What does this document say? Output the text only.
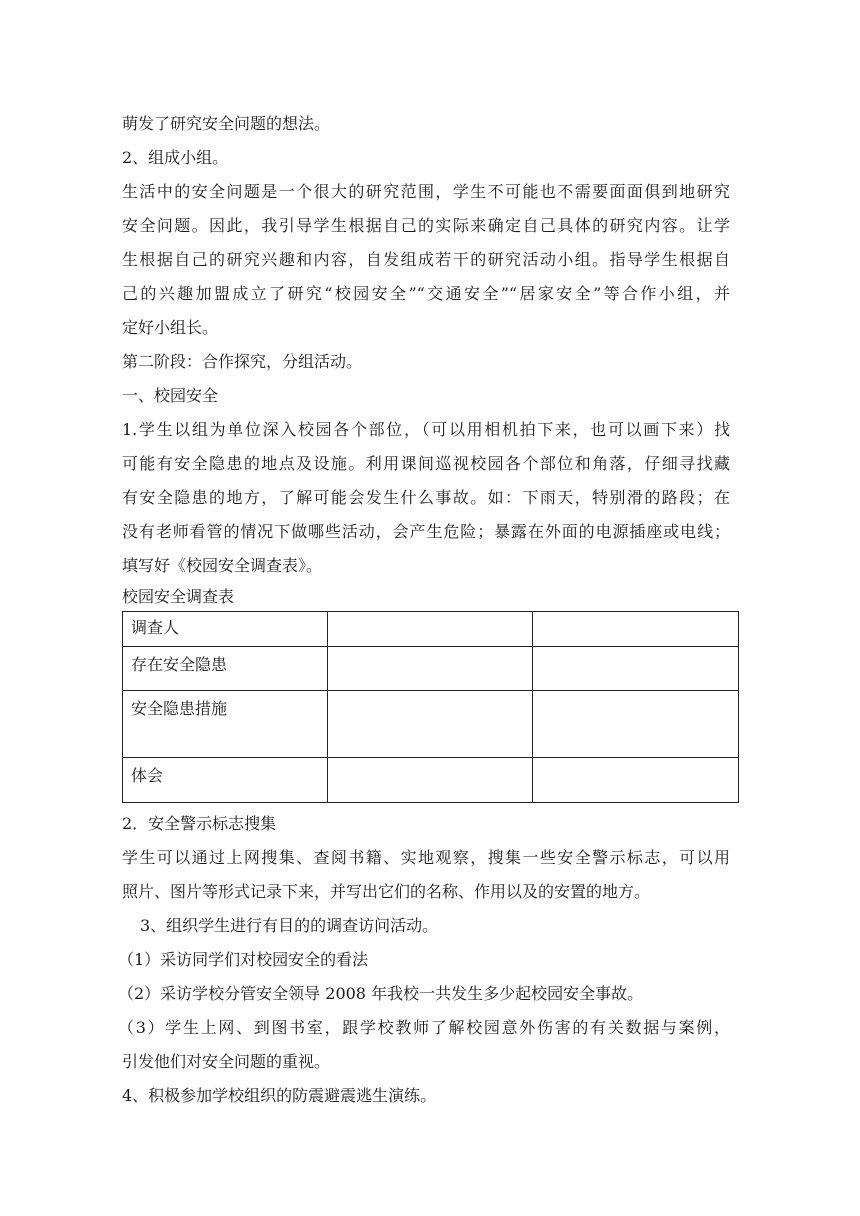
萌发了研究安全问题的想法。
2、组成小组。
生活中的安全问题是一个很大的研究范围，学生不可能也不需要面面俱到地研究
安全问题。因此，我引导学生根据自己的实际来确定自己具体的研究内容。让学
生根据自己的研究兴趣和内容，自发组成若干的研究活动小组。指导学生根据自
己的兴趣加盟成立了研究“校园安全”“交通安全”“居家安全”等合作小组，并
定好小组长。
第二阶段：合作探究，分组活动。
一、校园安全
1.学生以组为单位深入校园各个部位，（可以用相机拍下来，也可以画下来）找
可能有安全隐患的地点及设施。利用课间巡视校园各个部位和角落，仔细寻找藏
有安全隐患的地方，了解可能会发生什么事故。如：下雨天，特别滑的路段；在
没有老师看管的情况下做哪些活动，会产生危险；暴露在外面的电源插座或电线；
填写好《校园安全调查表》。
校园安全调查表
调查人		
存在安全隐患		
安全隐患措施		
体会		
2．安全警示标志搜集
学生可以通过上网搜集、查阅书籍、实地观察，搜集一些安全警示标志，可以用
照片、图片等形式记录下来，并写出它们的名称、作用以及的安置的地方。
3、组织学生进行有目的的调查访问活动。
（1）采访同学们对校园安全的看法
（2）采访学校分管安全领导 2008 年我校一共发生多少起校园安全事故。
（3）学生上网、到图书室，跟学校教师了解校园意外伤害的有关数据与案例，
引发他们对安全问题的重视。
4、积极参加学校组织的防震避震逃生演练。
